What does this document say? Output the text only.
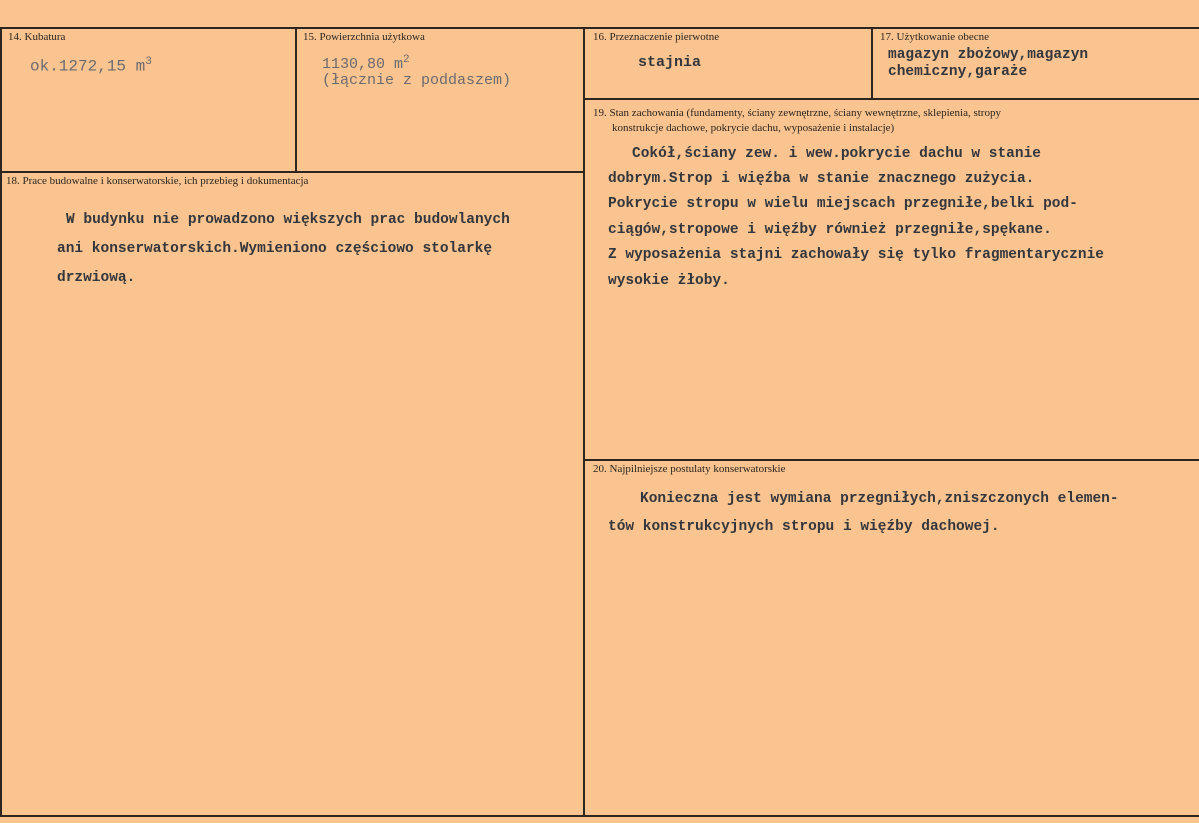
14. Kubatura
ok.1272,15 $m^3$
15. Powierzchnia użytkowa
1130,80 $m^2$
(łącznie z poddaszem)
16. Przeznaczenie pierwotne
stajnia
17. Użytkowanie obecne
magazyn zbożowy,magazyn
chemiczny,garaże
18. Prace budowalne i konserwatorskie, ich przebieg i dokumentacja
W budynku nie prowadzono większych prac budowlanych
ani konserwatorskich.Wymieniono częściowo stolarkę
drzwiową.
19. Stan zachowania (fundamenty, ściany zewnętrzne, ściany wewnętrzne, sklepienia, stropy
konstrukcje dachowe, pokrycie dachu, wyposażenie i instalacje)
Cokół,ściany zew. i wew.pokrycie dachu w stanie
dobrym.Strop i więźba w stanie znacznego zużycia.
Pokrycie stropu w wielu miejscach przegniłe,belki pod-
ciągów,stropowe i więźby również przegniłe,spękane.
Z wyposażenia stajni zachowały się tylko fragmentarycznie
wysokie żłoby.
20. Najpilniejsze postulaty konserwatorskie
Konieczna jest wymiana przegniłych,zniszczonych elemen-
tów konstrukcyjnych stropu i więźby dachowej.
